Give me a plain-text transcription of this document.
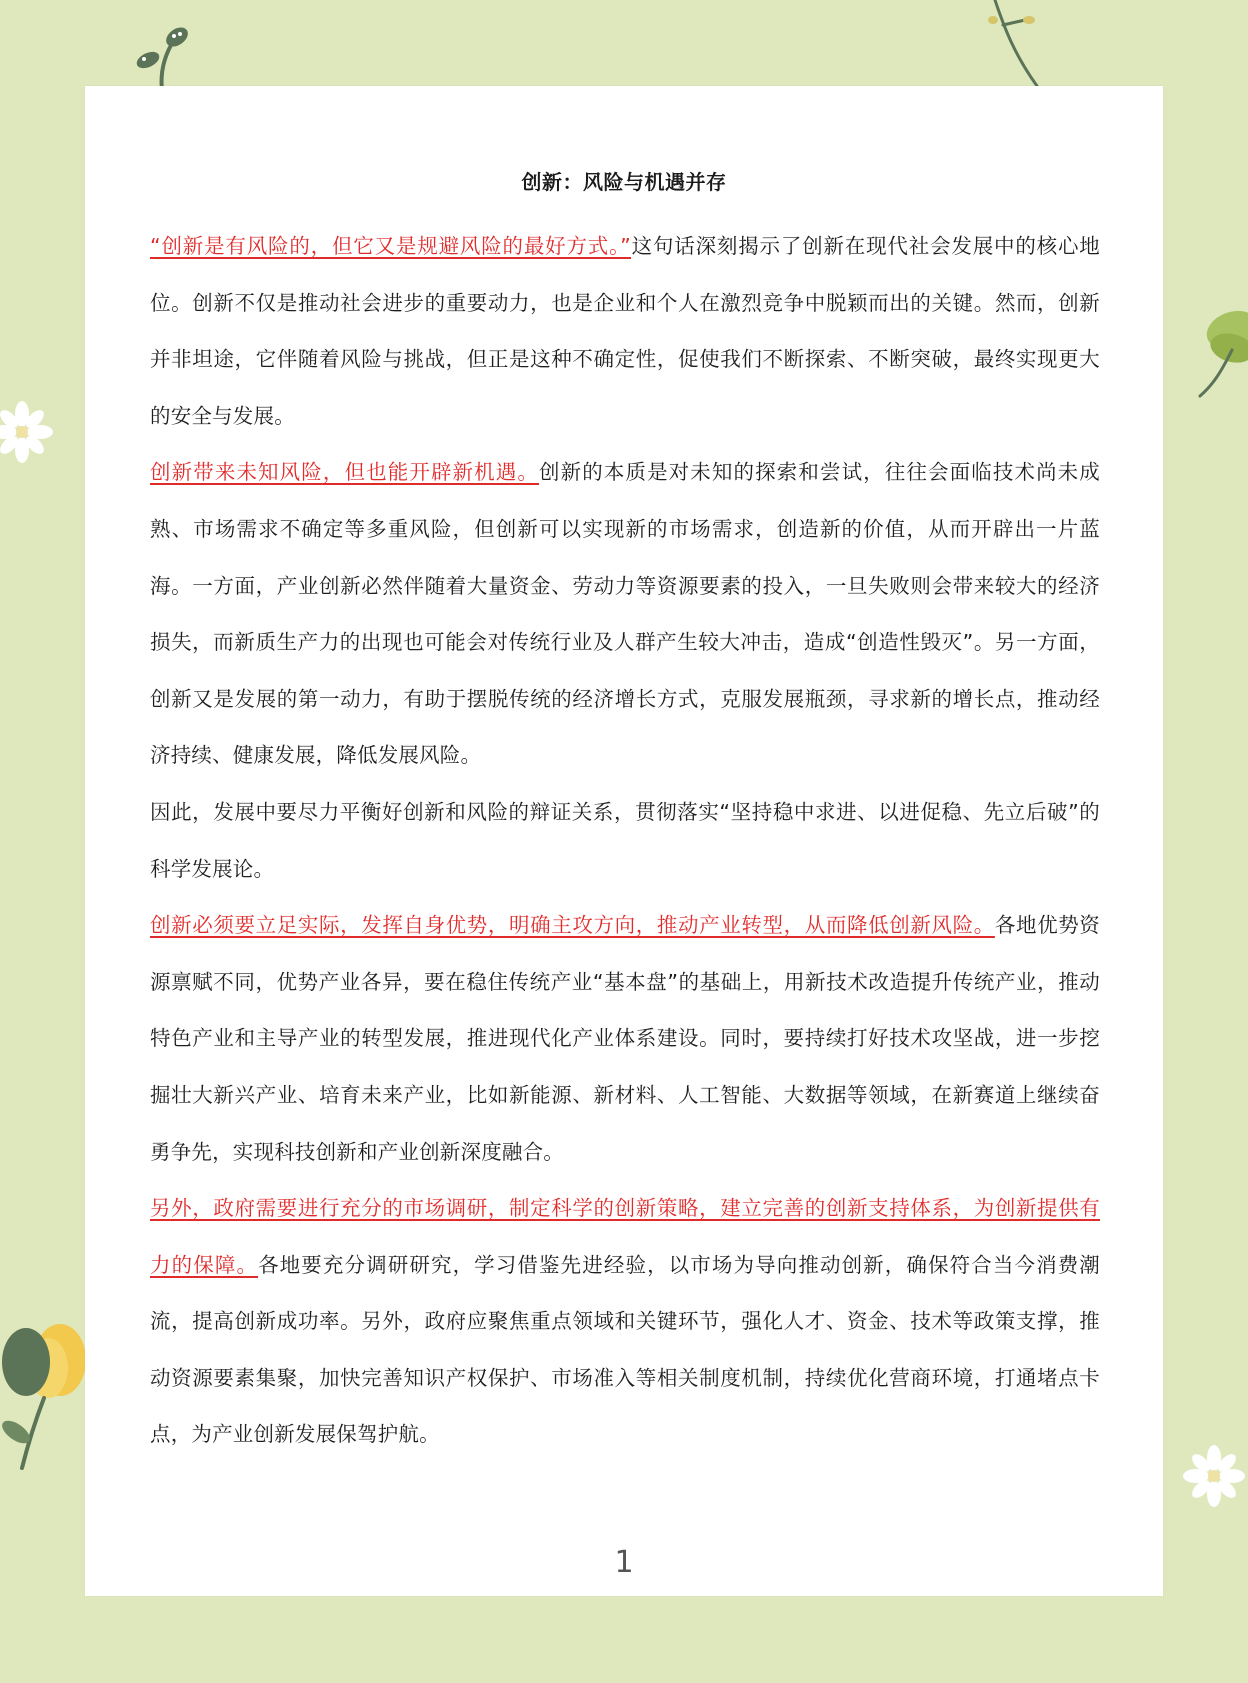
创新：风险与机遇并存

“创新是有风险的，但它又是规避风险的最好方式。”这句话深刻揭示了创新在现代社会发展中的核心地位。创新不仅是推动社会进步的重要动力，也是企业和个人在激烈竞争中脱颖而出的关键。然而，创新并非坦途，它伴随着风险与挑战，但正是这种不确定性，促使我们不断探索、不断突破，最终实现更大的安全与发展。

创新带来未知风险，但也能开辟新机遇。创新的本质是对未知的探索和尝试，往往会面临技术尚未成熟、市场需求不确定等多重风险，但创新可以实现新的市场需求，创造新的价值，从而开辟出一片蓝海。一方面，产业创新必然伴随着大量资金、劳动力等资源要素的投入，一旦失败则会带来较大的经济损失，而新质生产力的出现也可能会对传统行业及人群产生较大冲击，造成“创造性毁灭”。另一方面，创新又是发展的第一动力，有助于摆脱传统的经济增长方式，克服发展瓶颈，寻求新的增长点，推动经济持续、健康发展，降低发展风险。

因此，发展中要尽力平衡好创新和风险的辩证关系，贯彻落实“坚持稳中求进、以进促稳、先立后破”的科学发展论。

创新必须要立足实际，发挥自身优势，明确主攻方向，推动产业转型，从而降低创新风险。各地优势资源禀赋不同，优势产业各异，要在稳住传统产业“基本盘”的基础上，用新技术改造提升传统产业，推动特色产业和主导产业的转型发展，推进现代化产业体系建设。同时，要持续打好技术攻坚战，进一步挖掘壮大新兴产业、培育未来产业，比如新能源、新材料、人工智能、大数据等领域，在新赛道上继续奋勇争先，实现科技创新和产业创新深度融合。

另外，政府需要进行充分的市场调研，制定科学的创新策略，建立完善的创新支持体系，为创新提供有力的保障。各地要充分调研研究，学习借鉴先进经验，以市场为导向推动创新，确保符合当今消费潮流，提高创新成功率。另外，政府应聚焦重点领域和关键环节，强化人才、资金、技术等政策支撑，推动资源要素集聚，加快完善知识产权保护、市场准入等相关制度机制，持续优化营商环境，打通堵点卡点，为产业创新发展保驾护航。

1
